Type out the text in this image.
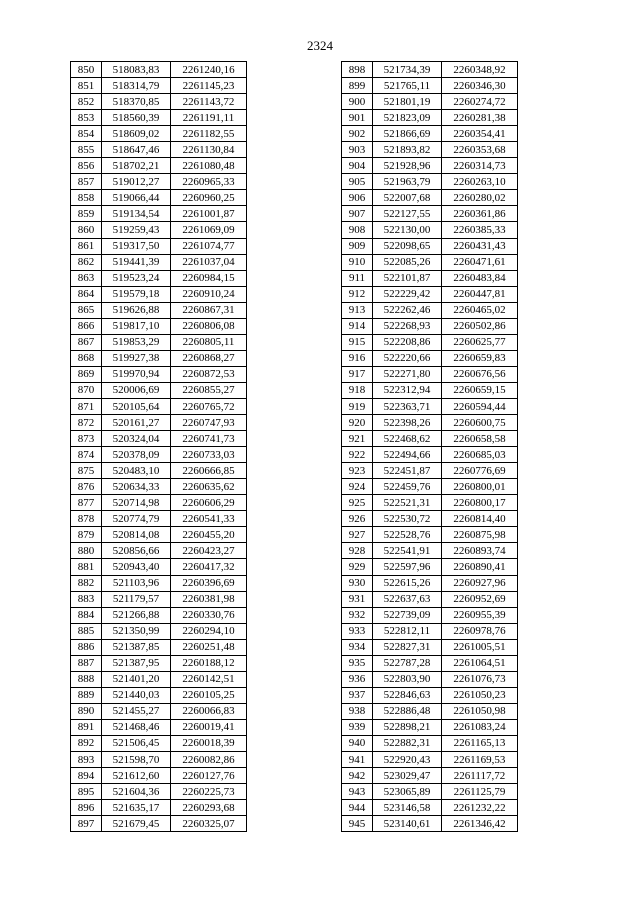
2324
850	518083,83	2261240,16
851	518314,79	2261145,23
852	518370,85	2261143,72
853	518560,39	2261191,11
854	518609,02	2261182,55
855	518647,46	2261130,84
856	518702,21	2261080,48
857	519012,27	2260965,33
858	519066,44	2260960,25
859	519134,54	2261001,87
860	519259,43	2261069,09
861	519317,50	2261074,77
862	519441,39	2261037,04
863	519523,24	2260984,15
864	519579,18	2260910,24
865	519626,88	2260867,31
866	519817,10	2260806,08
867	519853,29	2260805,11
868	519927,38	2260868,27
869	519970,94	2260872,53
870	520006,69	2260855,27
871	520105,64	2260765,72
872	520161,27	2260747,93
873	520324,04	2260741,73
874	520378,09	2260733,03
875	520483,10	2260666,85
876	520634,33	2260635,62
877	520714,98	2260606,29
878	520774,79	2260541,33
879	520814,08	2260455,20
880	520856,66	2260423,27
881	520943,40	2260417,32
882	521103,96	2260396,69
883	521179,57	2260381,98
884	521266,88	2260330,76
885	521350,99	2260294,10
886	521387,85	2260251,48
887	521387,95	2260188,12
888	521401,20	2260142,51
889	521440,03	2260105,25
890	521455,27	2260066,83
891	521468,46	2260019,41
892	521506,45	2260018,39
893	521598,70	2260082,86
894	521612,60	2260127,76
895	521604,36	2260225,73
896	521635,17	2260293,68
897	521679,45	2260325,07
898	521734,39	2260348,92
899	521765,11	2260346,30
900	521801,19	2260274,72
901	521823,09	2260281,38
902	521866,69	2260354,41
903	521893,82	2260353,68
904	521928,96	2260314,73
905	521963,79	2260263,10
906	522007,68	2260280,02
907	522127,55	2260361,86
908	522130,00	2260385,33
909	522098,65	2260431,43
910	522085,26	2260471,61
911	522101,87	2260483,84
912	522229,42	2260447,81
913	522262,46	2260465,02
914	522268,93	2260502,86
915	522208,86	2260625,77
916	522220,66	2260659,83
917	522271,80	2260676,56
918	522312,94	2260659,15
919	522363,71	2260594,44
920	522398,26	2260600,75
921	522468,62	2260658,58
922	522494,66	2260685,03
923	522451,87	2260776,69
924	522459,76	2260800,01
925	522521,31	2260800,17
926	522530,72	2260814,40
927	522528,76	2260875,98
928	522541,91	2260893,74
929	522597,96	2260890,41
930	522615,26	2260927,96
931	522637,63	2260952,69
932	522739,09	2260955,39
933	522812,11	2260978,76
934	522827,31	2261005,51
935	522787,28	2261064,51
936	522803,90	2261076,73
937	522846,63	2261050,23
938	522886,48	2261050,98
939	522898,21	2261083,24
940	522882,31	2261165,13
941	522920,43	2261169,53
942	523029,47	2261117,72
943	523065,89	2261125,79
944	523146,58	2261232,22
945	523140,61	2261346,42
